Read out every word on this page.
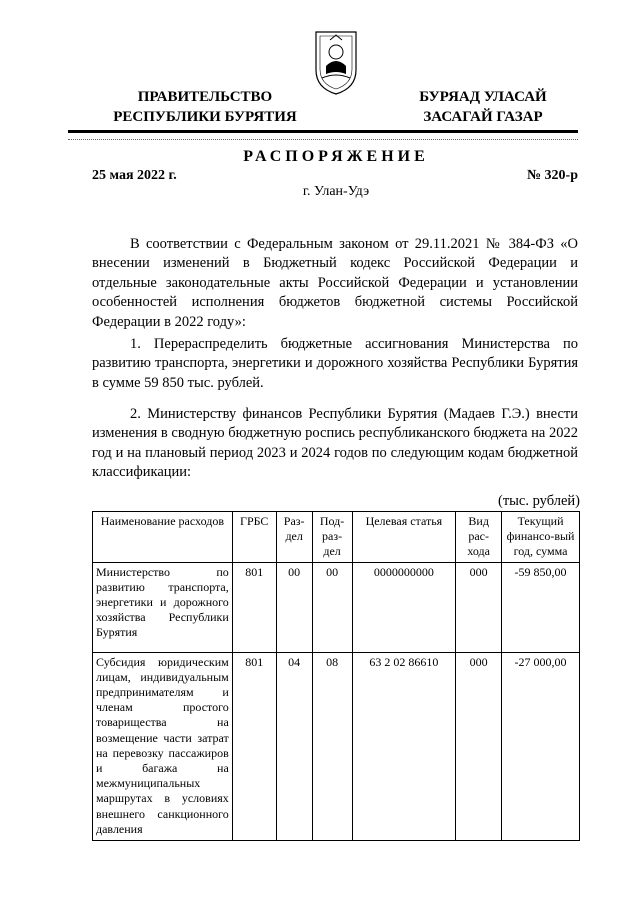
ПРАВИТЕЛЬСТВО
РЕСПУБЛИКИ БУРЯТИЯ
БУРЯАД УЛАСАЙ
ЗАСАГАЙ ГАЗАР
РАСПОРЯЖЕНИЕ
25 мая 2022 г.	№ 320-р
г. Улан-Удэ

В соответствии с Федеральным законом от 29.11.2021 № 384-ФЗ «О внесении изменений в Бюджетный кодекс Российской Федерации и отдельные законодательные акты Российской Федерации и установлении особенностей исполнения бюджетов бюджетной системы Российской Федерации в 2022 году»:

1. Перераспределить бюджетные ассигнования Министерства по развитию транспорта, энергетики и дорожного хозяйства Республики Бурятия в сумме 59 850 тыс. рублей.

2. Министерству финансов Республики Бурятия (Мадаев Г.Э.) внести изменения в сводную бюджетную роспись республиканского бюджета на 2022 год и на плановый период 2023 и 2024 годов по следующим кодам бюджетной классификации:

(тыс. рублей)
Наименование расходов	ГРБС	Раз-дел	Под-раз-дел	Целевая статья	Вид рас-хода	Текущий финансо-вый год, сумма
Министерство по развитию транспорта, энергетики и дорожного хозяйства Республики Бурятия	801	00	00	0000000000	000	-59 850,00
Субсидия юридическим лицам, индивидуальным предпринимателям и членам простого товарищества на возмещение части затрат на перевозку пассажиров и багажа на межмуниципальных маршрутах в условиях внешнего санкционного давления	801	04	08	63 2 02 86610	000	-27 000,00
